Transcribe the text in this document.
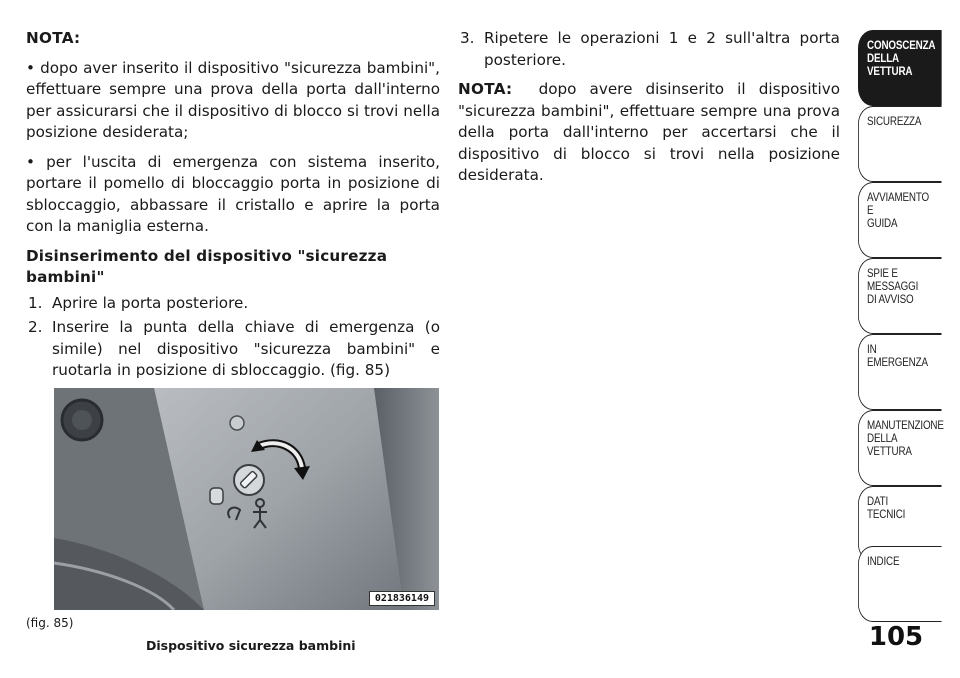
NOTA:

• dopo aver inserito il dispositivo "sicurezza bambini", effettuare sempre una prova della porta dall'interno per assicurarsi che il dispositivo di blocco si trovi nella posizione desiderata;

• per l'uscita di emergenza con sistema inserito, portare il pomello di bloccaggio porta in posizione di sbloccaggio, abbassare il cristallo e aprire la porta con la maniglia esterna.

Disinserimento del dispositivo "sicurezza bambini"

1. Aprire la porta posteriore.
2. Inserire la punta della chiave di emergenza (o simile) nel dispositivo "sicurezza bambini" e ruotarla in posizione di sbloccaggio. (fig. 85)
3. Ripetere le operazioni 1 e 2 sull'altra porta posteriore.

NOTA: dopo avere disinserito il dispositivo "sicurezza bambini", effettuare sempre una prova della porta dall'interno per accertarsi che il dispositivo di blocco si trovi nella posizione desiderata.

021836149
(fig. 85)
Dispositivo sicurezza bambini
CONOSCENZA
DELLA
VETTURA
SICUREZZA
AVVIAMENTO
E
GUIDA
SPIE E
MESSAGGI
DI AVVISO
IN
EMERGENZA
MANUTENZIONE
DELLA
VETTURA
DATI
TECNICI
INDICE
105
